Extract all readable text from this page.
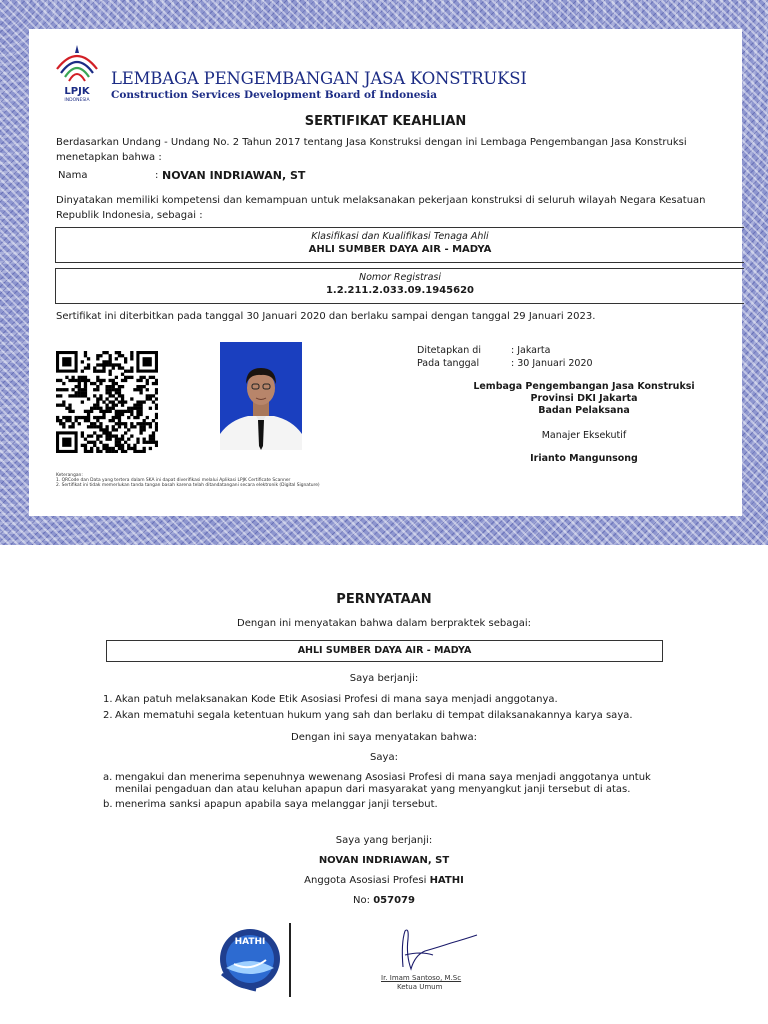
LPJK
INDONESIA
LEMBAGA PENGEMBANGAN JASA KONSTRUKSI
Construction Services Development Board of Indonesia
SERTIFIKAT KEAHLIAN
Berdasarkan Undang - Undang No. 2 Tahun 2017 tentang Jasa Konstruksi dengan ini Lembaga Pengembangan Jasa Konstruksi menetapkan bahwa :
Nama	: NOVAN INDRIAWAN, ST
Dinyatakan memiliki kompetensi dan kemampuan untuk melaksanakan pekerjaan konstruksi di seluruh wilayah Negara Kesatuan Republik Indonesia, sebagai :
Klasifikasi dan Kualifikasi Tenaga Ahli
AHLI SUMBER DAYA AIR - MADYA
Nomor Registrasi
1.2.211.2.033.09.1945620
Sertifikat ini diterbitkan pada tanggal 30 Januari 2020 dan berlaku sampai dengan tanggal 29 Januari 2023.
Ditetapkan di	: Jakarta
Pada tanggal	: 30 Januari 2020
Lembaga Pengembangan Jasa Konstruksi
Provinsi DKI Jakarta
Badan Pelaksana
Manajer Eksekutif
Irianto Mangunsong
Keterangan:
1. QRCode dan Data yang tertera dalam SKA ini dapat diverifikasi melalui Aplikasi LPJK Certificate Scanner
2. Sertifikat ini tidak memerlukan tanda tangan basah karena telah ditandatangani secara elektronik (Digital Signature)
PERNYATAAN
Dengan ini menyatakan bahwa dalam berpraktek sebagai:
AHLI SUMBER DAYA AIR - MADYA
Saya berjanji:
1. Akan patuh melaksanakan Kode Etik Asosiasi Profesi di mana saya menjadi anggotanya.
2. Akan mematuhi segala ketentuan hukum yang sah dan berlaku di tempat dilaksanakannya karya saya.
Dengan ini saya menyatakan bahwa:
Saya:
a. mengakui dan menerima sepenuhnya wewenang Asosiasi Profesi di mana saya menjadi anggotanya untuk menilai pengaduan dan atau keluhan apapun dari masyarakat yang menyangkut janji tersebut di atas.
b. menerima sanksi apapun apabila saya melanggar janji tersebut.
Saya yang berjanji:
NOVAN INDRIAWAN, ST
Anggota Asosiasi Profesi HATHI
No: 057079
HATHI
Ir. Imam Santoso, M.Sc
Ketua Umum
